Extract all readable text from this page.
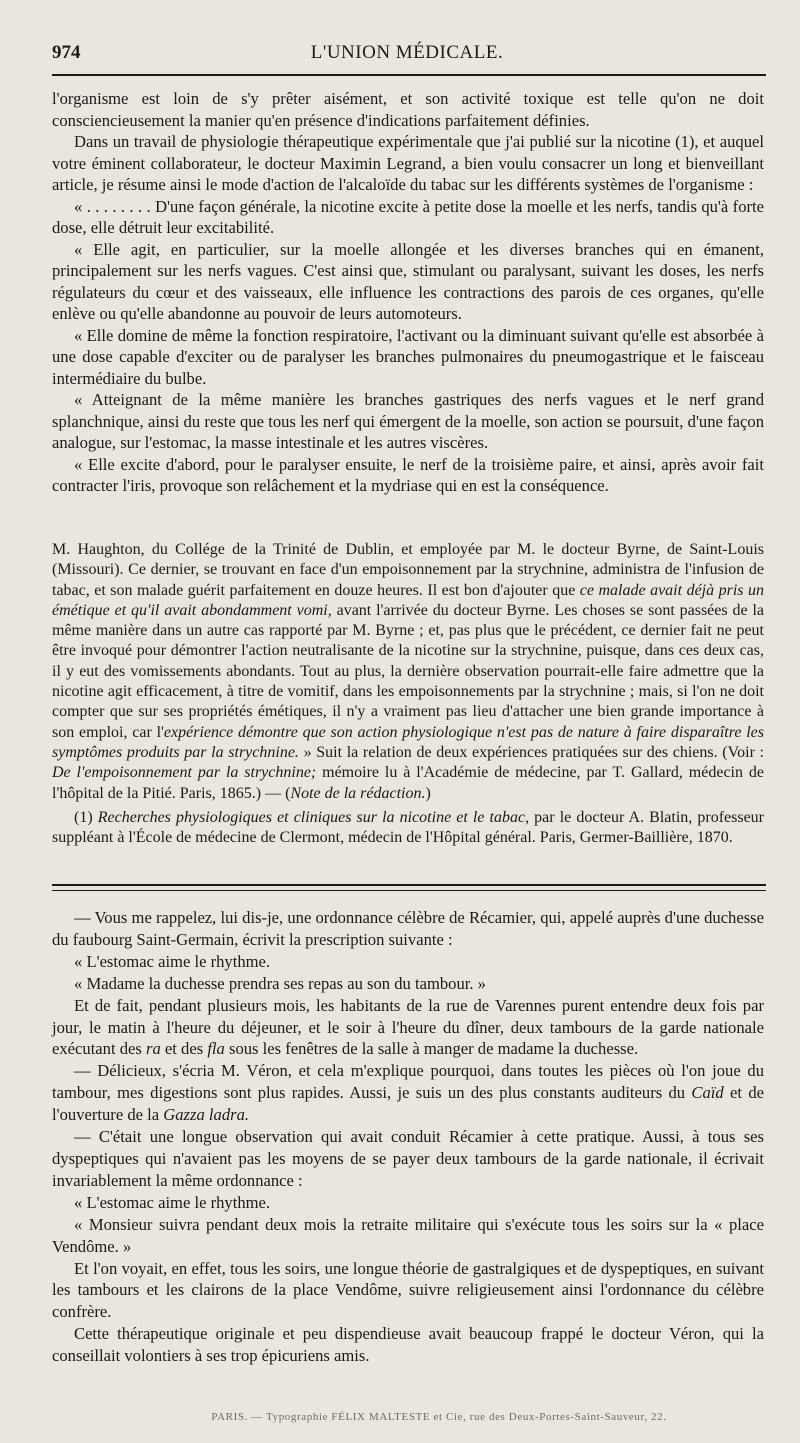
974	L'UNION MÉDICALE.

l'organisme est loin de s'y prêter aisément, et son activité toxique est telle qu'on ne doit consciencieusement la manier qu'en présence d'indications parfaitement définies.

Dans un travail de physiologie thérapeutique expérimentale que j'ai publié sur la nicotine (1), et auquel votre éminent collaborateur, le docteur Maximin Legrand, a bien voulu consacrer un long et bienveillant article, je résume ainsi le mode d'action de l'alcaloïde du tabac sur les différents systèmes de l'organisme :

« . . . . . . . . D'une façon générale, la nicotine excite à petite dose la moelle et les nerfs, tandis qu'à forte dose, elle détruit leur excitabilité.

« Elle agit, en particulier, sur la moelle allongée et les diverses branches qui en émanent, principalement sur les nerfs vagues. C'est ainsi que, stimulant ou paralysant, suivant les doses, les nerfs régulateurs du cœur et des vaisseaux, elle influence les contractions des parois de ces organes, qu'elle enlève ou qu'elle abandonne au pouvoir de leurs automoteurs.

« Elle domine de même la fonction respiratoire, l'activant ou la diminuant suivant qu'elle est absorbée à une dose capable d'exciter ou de paralyser les branches pulmonaires du pneumogastrique et le faisceau intermédiaire du bulbe.

« Atteignant de la même manière les branches gastriques des nerfs vagues et le nerf grand splanchnique, ainsi du reste que tous les nerf qui émergent de la moelle, son action se poursuit, d'une façon analogue, sur l'estomac, la masse intestinale et les autres viscères.

« Elle excite d'abord, pour le paralyser ensuite, le nerf de la troisième paire, et ainsi, après avoir fait contracter l'iris, provoque son relâchement et la mydriase qui en est la conséquence.

M. Haughton, du Collége de la Trinité de Dublin, et employée par M. le docteur Byrne, de Saint-Louis (Missouri). Ce dernier, se trouvant en face d'un empoisonnement par la strychnine, administra de l'infusion de tabac, et son malade guérit parfaitement en douze heures. Il est bon d'ajouter que ce malade avait déjà pris un émétique et qu'il avait abondamment vomi, avant l'arrivée du docteur Byrne. Les choses se sont passées de la même manière dans un autre cas rapporté par M. Byrne ; et, pas plus que le précédent, ce dernier fait ne peut être invoqué pour démontrer l'action neutralisante de la nicotine sur la strychnine, puisque, dans ces deux cas, il y eut des vomissements abondants. Tout au plus, la dernière observation pourrait-elle faire admettre que la nicotine agit efficacement, à titre de vomitif, dans les empoisonnements par la strychnine ; mais, si l'on ne doit compter que sur ses propriétés émétiques, il n'y a vraiment pas lieu d'attacher une bien grande importance à son emploi, car l'expérience démontre que son action physiologique n'est pas de nature à faire disparaître les symptômes produits par la strychnine. » Suit la relation de deux expériences pratiquées sur des chiens. (Voir : De l'empoisonnement par la strychnine; mémoire lu à l'Académie de médecine, par T. Gallard, médecin de l'hôpital de la Pitié. Paris, 1865.) — (Note de la rédaction.)

(1) Recherches physiologiques et cliniques sur la nicotine et le tabac, par le docteur A. Blatin, professeur suppléant à l'École de médecine de Clermont, médecin de l'Hôpital général. Paris, Germer-Baillière, 1870.

— Vous me rappelez, lui dis-je, une ordonnance célèbre de Récamier, qui, appelé auprès d'une duchesse du faubourg Saint-Germain, écrivit la prescription suivante :

« L'estomac aime le rhythme.

« Madame la duchesse prendra ses repas au son du tambour. »

Et de fait, pendant plusieurs mois, les habitants de la rue de Varennes purent entendre deux fois par jour, le matin à l'heure du déjeuner, et le soir à l'heure du dîner, deux tambours de la garde nationale exécutant des ra et des fla sous les fenêtres de la salle à manger de madame la duchesse.

— Délicieux, s'écria M. Véron, et cela m'explique pourquoi, dans toutes les pièces où l'on joue du tambour, mes digestions sont plus rapides. Aussi, je suis un des plus constants auditeurs du Caïd et de l'ouverture de la Gazza ladra.

— C'était une longue observation qui avait conduit Récamier à cette pratique. Aussi, à tous ses dyspeptiques qui n'avaient pas les moyens de se payer deux tambours de la garde nationale, il écrivait invariablement la même ordonnance :

« L'estomac aime le rhythme.

« Monsieur suivra pendant deux mois la retraite militaire qui s'exécute tous les soirs sur la « place Vendôme. »

Et l'on voyait, en effet, tous les soirs, une longue théorie de gastralgiques et de dyspeptiques, en suivant les tambours et les clairons de la place Vendôme, suivre religieusement ainsi l'ordonnance du célèbre confrère.

Cette thérapeutique originale et peu dispendieuse avait beaucoup frappé le docteur Véron, qui la conseillait volontiers à ses trop épicuriens amis.

PARIS. — Typographie FÉLIX MALTESTE et Cie, rue des Deux-Portes-Saint-Sauveur, 22.
